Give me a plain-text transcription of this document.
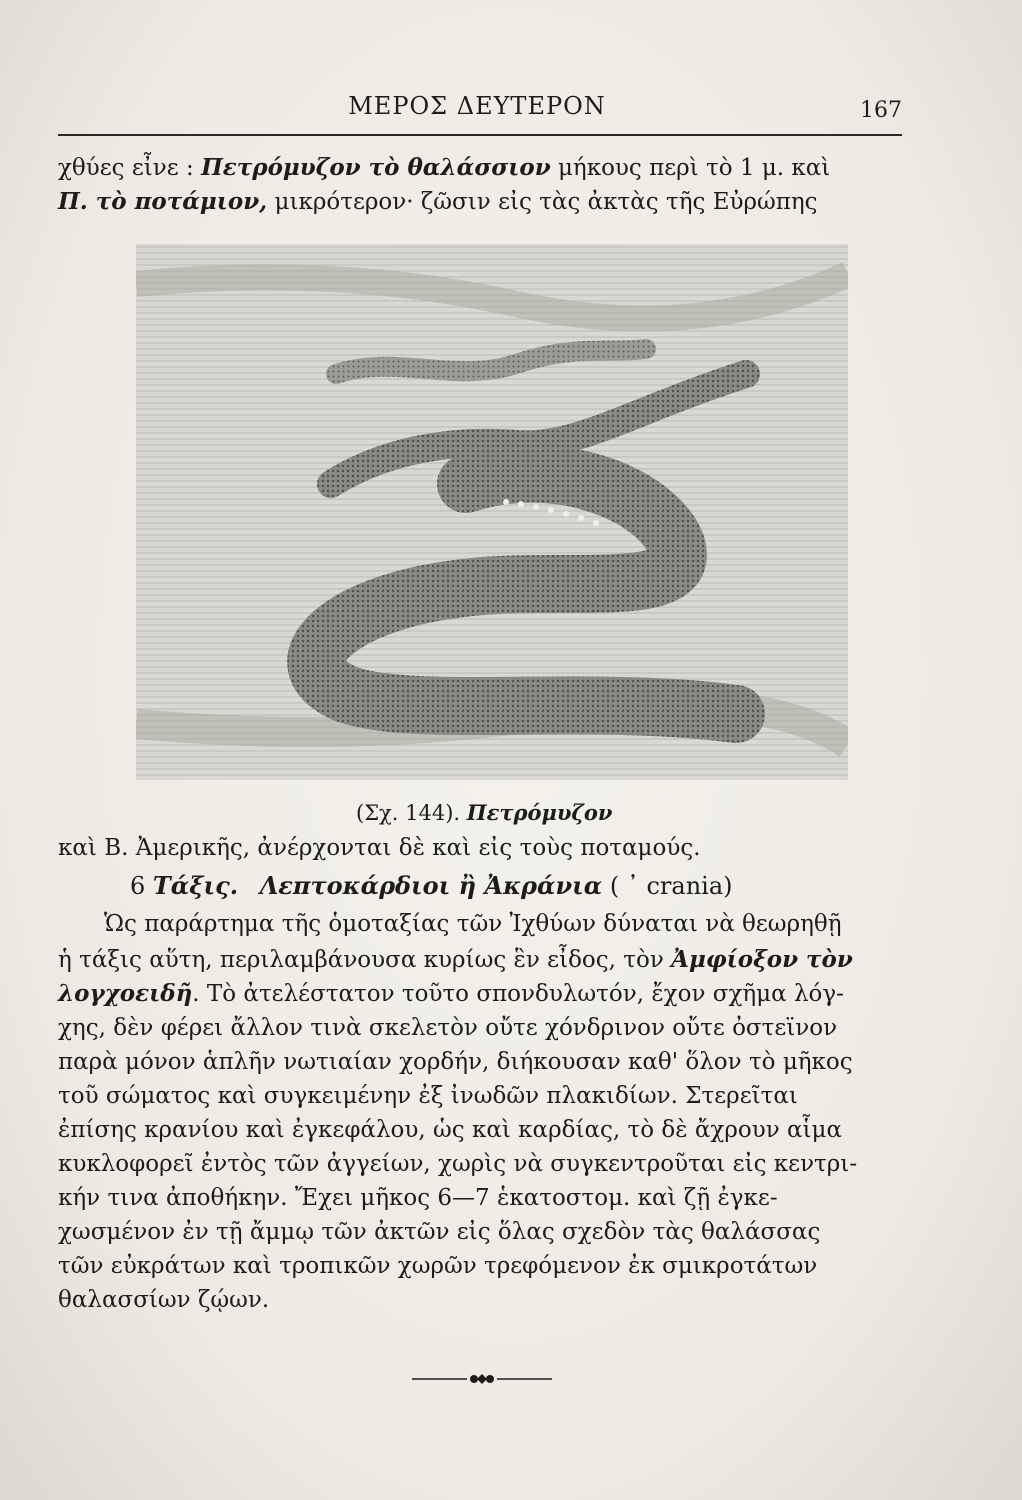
ΜΕΡΟΣ ΔΕΥΤΕΡΟΝ	167
χθύες εἶνε : Πετρόμυζον τὸ θαλάσσιον μήκους περὶ τὸ 1 μ. καὶ
Π. τὸ ποτάμιον, μικρότερον· ζῶσιν εἰς τὰς ἀκτὰς τῆς Εὐρώπης
(Σχ. 144). Πετρόμυζον
καὶ Β. Ἀμερικῆς, ἀνέρχονται δὲ καὶ εἰς τοὺς ποταμούς.
6 Τάξις. Λεπτοκάρδιοι ἢ Ἀκράνια ( ᾽ crania)
Ὡς παράρτημα τῆς ὁμοταξίας τῶν Ἰχθύων δύναται νὰ θεωρηθῇ
ἡ τάξις αὕτη, περιλαμβάνουσα κυρίως ἓν εἶδος, τὸν Ἀμφίοξον τὸν
λογχοειδῆ. Τὸ ἀτελέστατον τοῦτο σπονδυλωτόν, ἔχον σχῆμα λόγ-
χης, δὲν φέρει ἄλλον τινὰ σκελετὸν οὔτε χόνδρινον οὔτε ὀστεϊνον
παρὰ μόνον ἁπλῆν νωτιαίαν χορδήν, διήκουσαν καθ' ὅλον τὸ μῆκος
τοῦ σώματος καὶ συγκειμένην ἐξ ἰνωδῶν πλακιδίων. Στερεῖται
ἐπίσης κρανίου καὶ ἐγκεφάλου, ὡς καὶ καρδίας, τὸ δὲ ἄχρουν αἷμα
κυκλοφορεῖ ἐντὸς τῶν ἀγγείων, χωρὶς νὰ συγκεντροῦται εἰς κεντρι-
κήν τινα ἀποθήκην. Ἔχει μῆκος 6—7 ἑκατοστομ. καὶ ζῇ ἐγκε-
χωσμένον ἐν τῇ ἄμμῳ τῶν ἀκτῶν εἰς ὅλας σχεδὸν τὰς θαλάσσας
τῶν εὐκράτων καὶ τροπικῶν χωρῶν τρεφόμενον ἐκ σμικροτάτων
θαλασσίων ζῴων.
